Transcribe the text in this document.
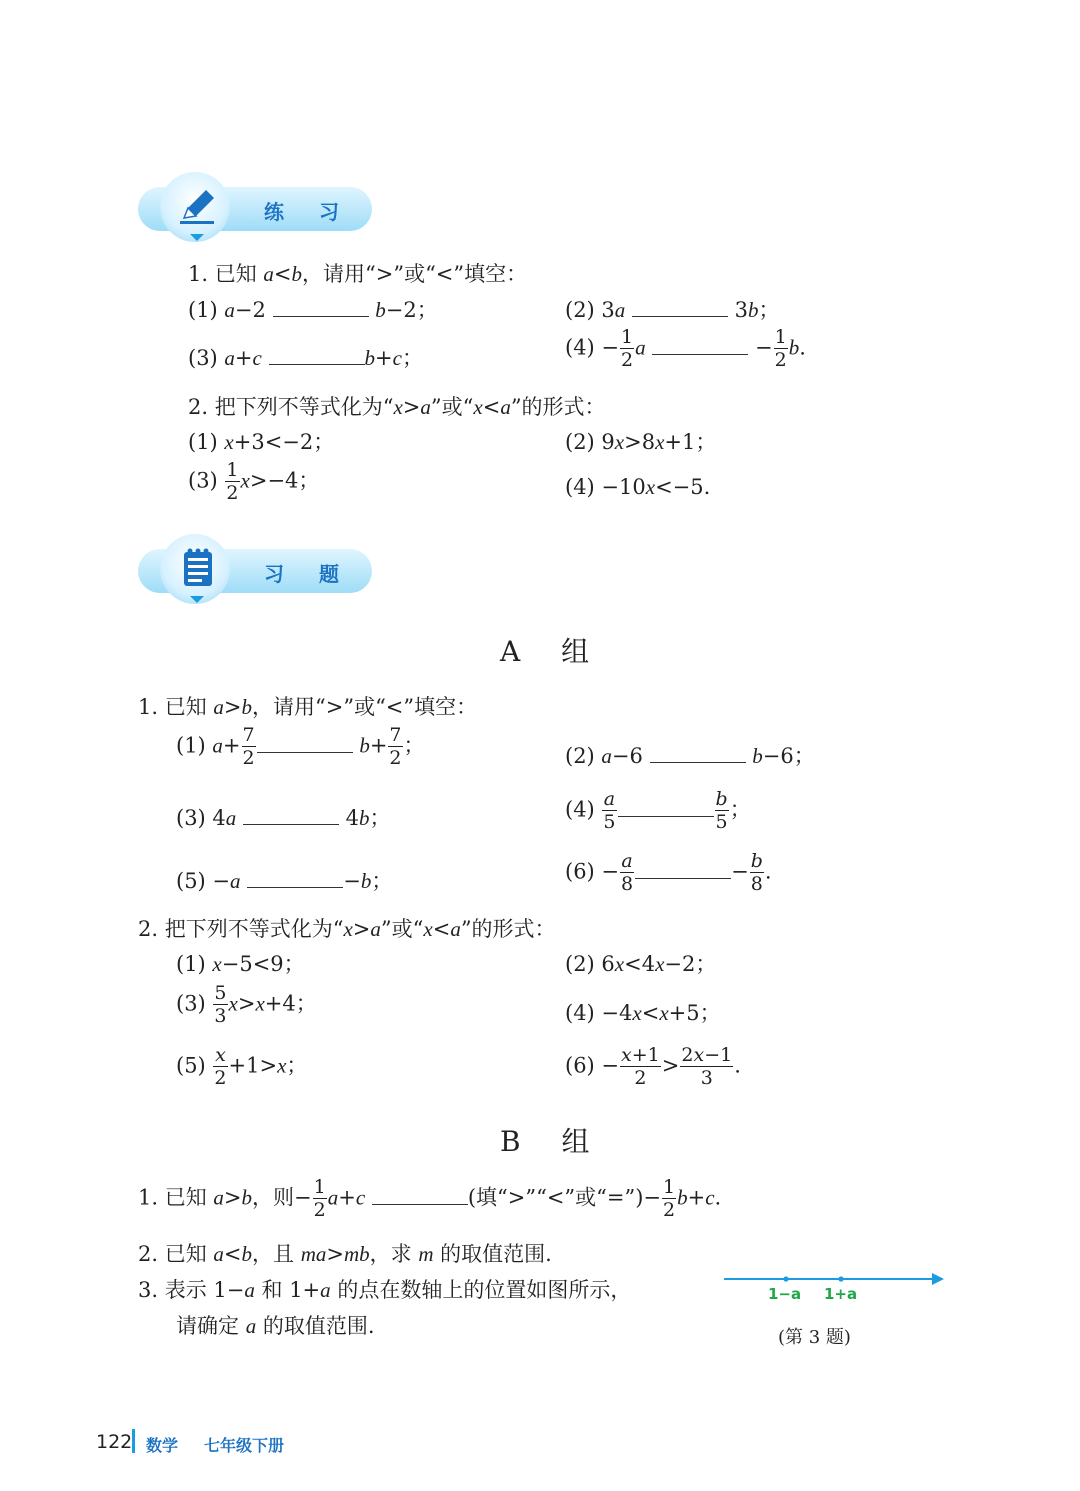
练 习
1. 已知 a<b，请用“>”或“<”填空：
(1) a−2	b−2；	(2) 3a	3b；
(3) a+c	b+c；	$(4) - \frac{1}{2}$ a	− $\frac{1}{2} b$.
2. 把下列不等式化为“x>a”或“x<a”的形式：
(1) x+3<−2；	(2) 9x>8x+1；
$(3) \frac{1}{2} x>-4$；	(4) −10x<−5.
习 题
A 组
1. 已知 a>b，请用“>”或“<”填空：
(1) $a+ \frac{7}{2}$	$b+ \frac{7}{2}$ ；	(2) a−6	b−6；
(3) 4a	4b；	$(4) \frac{a}{5}$	$\frac{b}{5}$ ；
(5) −a	−b；	$(6) - \frac{a}{8}$	− $\frac{b}{8}$ .
2. 把下列不等式化为“x>a”或“x<a”的形式：
(1) x−5<9；	(2) 6x<4x−2；
$(3) \frac{5}{3} x>x+4$；	(4) −4x<x+5；
$(5) \frac{x}{2} +1>x$；	$(6) - \frac{x+1}{2} > \frac{2x-1}{3}$ .
B 组
1. 已知 a>b，则− $\frac{1}{2} a+c$	(填“>”“<”或“=”)− $\frac{1}{2} b+c$.
2. 已知 a<b，且 ma>mb，求 m 的取值范围.
3. 表示 1−a 和 1+a 的点在数轴上的位置如图所示，
请确定 a 的取值范围.
1−a 1+a
(第 3 题)
122 数学 七年级下册
